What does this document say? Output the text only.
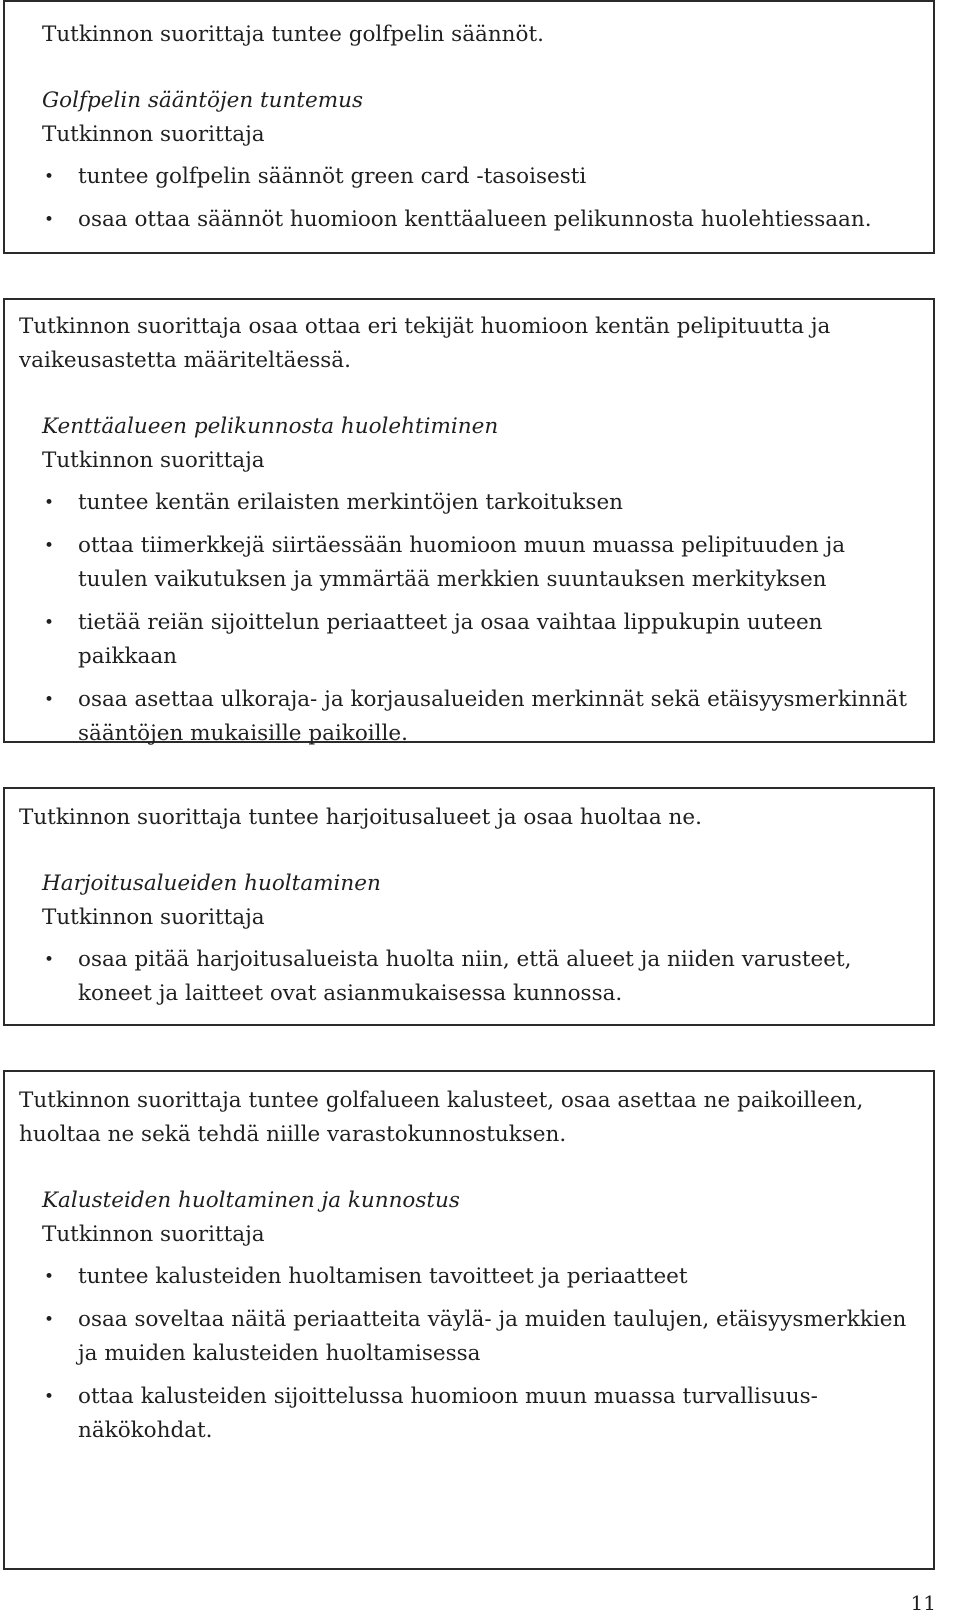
Tutkinnon suorittaja tuntee golfpelin säännöt.

Golfpelin sääntöjen tuntemus

Tutkinnon suorittaja

• tuntee golfpelin säännöt green card -tasoisesti
• osaa ottaa säännöt huomioon kenttäalueen pelikunnosta huolehtiessaan.
Tutkinnon suorittaja osaa ottaa eri tekijät huomioon kentän pelipituutta ja
vaikeusastetta määriteltäessä.

Kenttäalueen pelikunnosta huolehtiminen

Tutkinnon suorittaja

• tuntee kentän erilaisten merkintöjen tarkoituksen
• ottaa tiimerkkejä siirtäessään huomioon muun muassa pelipituuden ja
tuulen vaikutuksen ja ymmärtää merkkien suuntauksen merkityksen
• tietää reiän sijoittelun periaatteet ja osaa vaihtaa lippukupin uuteen paikkaan
• osaa asettaa ulkoraja- ja korjausalueiden merkinnät sekä etäisyysmerkinnät
sääntöjen mukaisille paikoille.

Tutkinnon suorittaja tuntee harjoitusalueet ja osaa huoltaa ne.

Harjoitusalueiden huoltaminen

Tutkinnon suorittaja

• osaa pitää harjoitusalueista huolta niin, että alueet ja niiden varusteet,
koneet ja laitteet ovat asianmukaisessa kunnossa.
Tutkinnon suorittaja tuntee golfalueen kalusteet, osaa asettaa ne paikoilleen,
huoltaa ne sekä tehdä niille varastokunnostuksen.

Kalusteiden huoltaminen ja kunnostus

Tutkinnon suorittaja

• tuntee kalusteiden huoltamisen tavoitteet ja periaatteet
• osaa soveltaa näitä periaatteita väylä- ja muiden taulujen, etäisyysmerkkien
ja muiden kalusteiden huoltamisessa
• ottaa kalusteiden sijoittelussa huomioon muun muassa turvallisuus-
näkökohdat.
11
